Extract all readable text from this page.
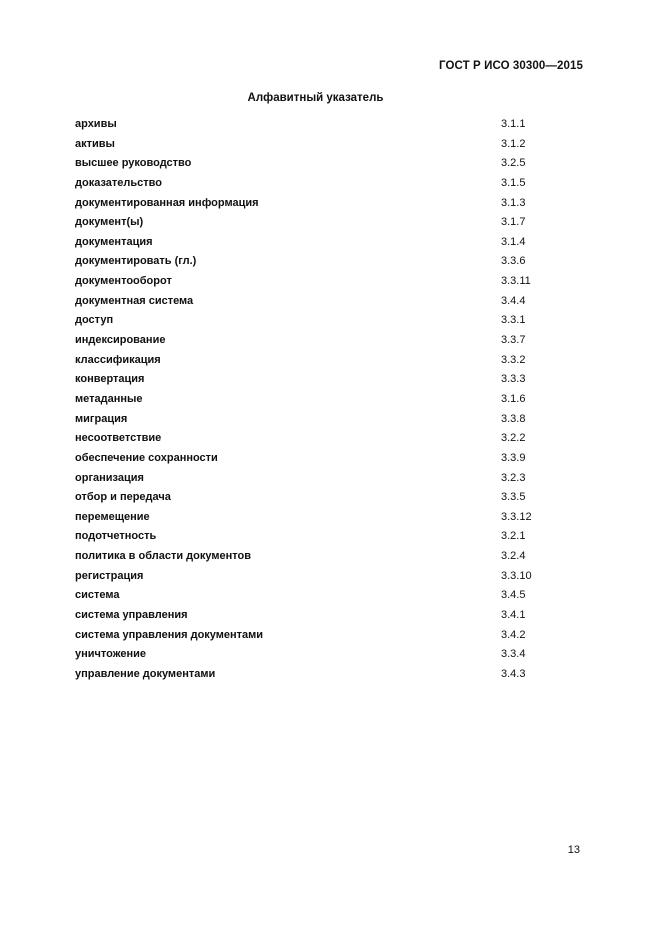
ГОСТ Р ИСО 30300—2015
Алфавитный указатель
архивы	3.1.1
активы	3.1.2
высшее руководство	3.2.5
доказательство	3.1.5
документированная информация	3.1.3
документ(ы)	3.1.7
документация	3.1.4
документировать (гл.)	3.3.6
документооборот	3.3.11
документная система	3.4.4
доступ	3.3.1
индексирование	3.3.7
классификация	3.3.2
конвертация	3.3.3
метаданные	3.1.6
миграция	3.3.8
несоответствие	3.2.2
обеспечение сохранности	3.3.9
организация	3.2.3
отбор и передача	3.3.5
перемещение	3.3.12
подотчетность	3.2.1
политика в области документов	3.2.4
регистрация	3.3.10
система	3.4.5
система управления	3.4.1
система управления документами	3.4.2
уничтожение	3.3.4
управление документами	3.4.3
13
